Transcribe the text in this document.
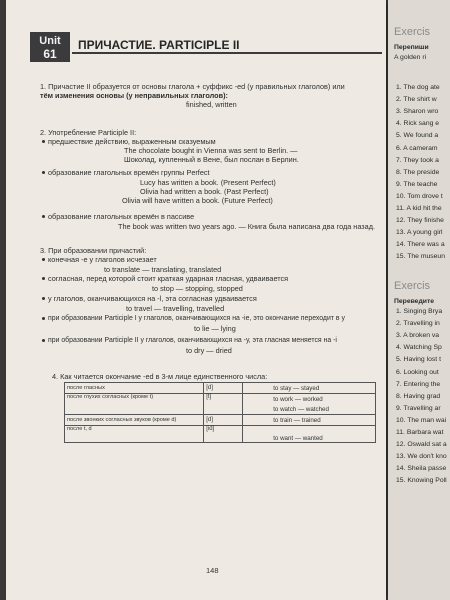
Unit
61
ПРИЧАСТИЕ. PARTICIPLE II
1. Причастие II образуется от основы глагола + суффикс -ed (у правильных глаголов) или
тём изменения основы (у неправильных глаголов):
finished, written
2. Употребление Participle II:
предшествие действию, выраженным сказуемым
The chocolate bought in Vienna was sent to Berlin. —
Шоколад, купленный в Вене, был послан в Берлин.
образование глагольных времён группы Perfect
Lucy has written a book. (Present Perfect)
Olivia had written a book. (Past Perfect)
Olivia will have written a book. (Future Perfect)
образование глагольных времён в пассиве
The book was written two years ago. — Книга была написана два года назад.
3. При образовании причастий:
конечная -е у глаголов исчезает
to translate — translating, translated
согласная, перед которой стоит краткая ударная гласная, удваивается
to stop — stopping, stopped
у глаголов, оканчивающихся на -l, эта согласная удваивается
to travel — travelling, travelled
при образовании Participle I у глаголов, оканчивающихся на -ie, это окончание переходит в у
to lie — lying
при образовании Participle II у глаголов, оканчивающихся на -у, эта гласная меняется на -i
to dry — dried
4. Как читается окончание -ed в 3-м лице единственного числа:
после гласных	[d]	to stay — stayed
после глухих согласных (кроме t)	[t]	to work — worked
		to watch — watched
после звонких согласных звуков (кроме d)	[d]	to train — trained
после t, d	[id]	to want — wanted
148
Exercis
Перепиши
A golden ri
1. The dog ate
2. The shirt w
3. Sharon wro
4. Rick sang e
5. We found a
6. A cameram
7. They took a
8. The preside
9. The teache
10. Tom drove t
11. A kid hit the
12. They finishe
13. A young girl
14. There was a
15. The museun
Exercis
Переведите
1. Singing Brya
2. Travelling in
3. A broken va
4. Watching Sp
5. Having lost t
6. Looking out
7. Entering the
8. Having grad
9. Travelling ar
10. The man wai
11. Barbara wat
12. Oswald sat a
13. We don't kno
14. Sheila passe
15. Knowing Poll
